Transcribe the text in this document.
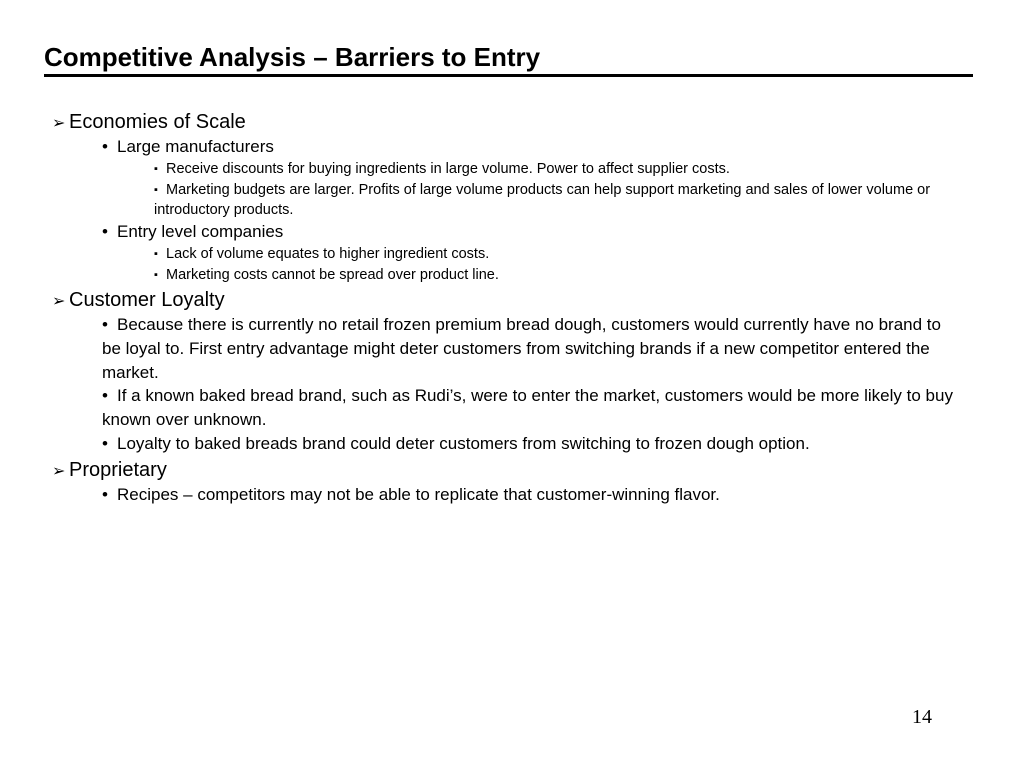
Competitive Analysis – Barriers to Entry
➢ Economies of Scale
• Large manufacturers
▪ Receive discounts for buying ingredients in large volume. Power to affect supplier costs.
▪ Marketing budgets are larger. Profits of large volume products can help support marketing and sales of lower volume or introductory products.
• Entry level companies
▪ Lack of volume equates to higher ingredient costs.
▪ Marketing costs cannot be spread over product line.
➢ Customer Loyalty
• Because there is currently no retail frozen premium bread dough, customers would currently have no brand to be loyal to. First entry advantage might deter customers from switching brands if a new competitor entered the market.
• If a known baked bread brand, such as Rudi’s, were to enter the market, customers would be more likely to buy known over unknown.
• Loyalty to baked breads brand could deter customers from switching to frozen dough option.
➢ Proprietary
• Recipes – competitors may not be able to replicate that customer-winning flavor.
14
